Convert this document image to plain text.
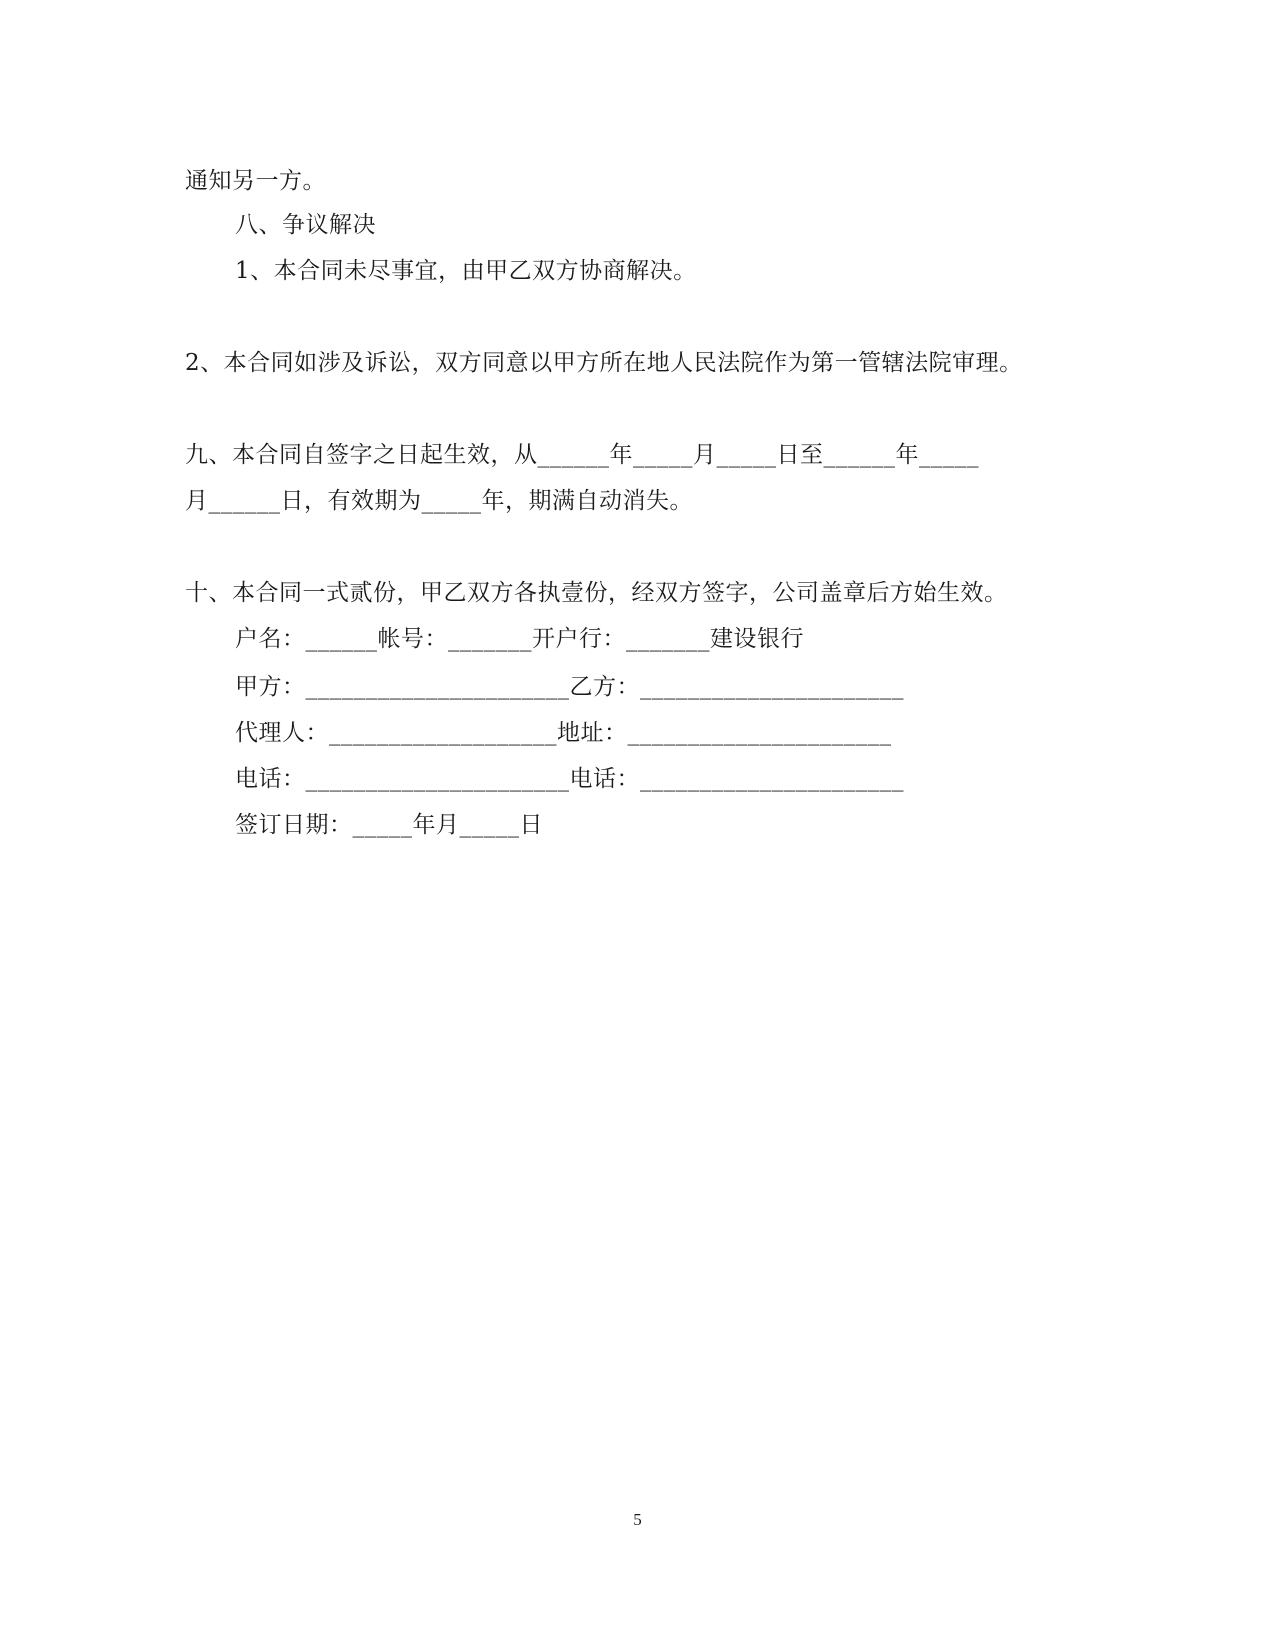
通知另一方。
八、争议解决
1、本合同未尽事宜，由甲乙双方协商解决。
2、本合同如涉及诉讼，双方同意以甲方所在地人民法院作为第一管辖法院审理。
九、本合同自签字之日起生效，从______年_____月_____日至______年_____
月______日，有效期为_____年，期满自动消失。
十、本合同一式贰份，甲乙双方各执壹份，经双方签字，公司盖章后方始生效。
户名：______帐号：_______开户行：_______建设银行
甲方：______________________乙方：______________________
代理人：___________________地址：______________________
电话：______________________电话：______________________
签订日期：_____年月_____日
5
